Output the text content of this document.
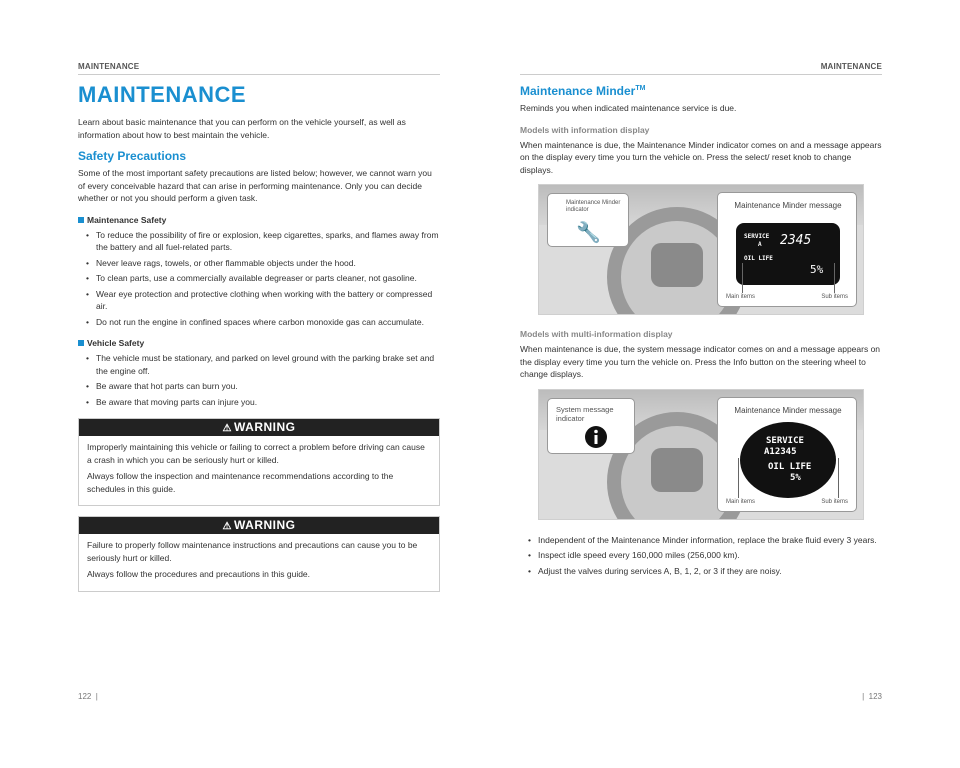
MAINTENANCE
MAINTENANCE

Learn about basic maintenance that you can perform on the vehicle yourself, as well as information about how to best maintain the vehicle.

Safety Precautions

Some of the most important safety precautions are listed below; however, we cannot warn you of every conceivable hazard that can arise in performing maintenance. Only you can decide whether or not you should perform a given task.

Maintenance Safety
• To reduce the possibility of fire or explosion, keep cigarettes, sparks, and flames away from the battery and all fuel-related parts.
• Never leave rags, towels, or other flammable objects under the hood.
• To clean parts, use a commercially available degreaser or parts cleaner, not gasoline.
• Wear eye protection and protective clothing when working with the battery or compressed air.
• Do not run the engine in confined spaces where carbon monoxide gas can accumulate.
Vehicle Safety
• The vehicle must be stationary, and parked on level ground with the parking brake set and the engine off.
• Be aware that hot parts can burn you.
• Be aware that moving parts can injure you.
⚠ WARNING

Improperly maintaining this vehicle or failing to correct a problem before driving can cause a crash in which you can be seriously hurt or killed.

Always follow the inspection and maintenance recommendations according to the schedules in this guide.

⚠ WARNING

Failure to properly follow maintenance instructions and precautions can cause you to be seriously hurt or killed.

Always follow the procedures and precautions in this guide.

122  |
MAINTENANCE
Maintenance Minder™

Reminds you when indicated maintenance service is due.

Models with information display

When maintenance is due, the Maintenance Minder indicator comes on and a message appears on the display every time you turn the vehicle on. Press the select/ reset knob to change displays.

Maintenance Minder indicator
🔧
Maintenance Minder message
SERVICE
A 2345
OIL LIFE
5%
Main items	Sub items
Models with multi-information display

When maintenance is due, the system message indicator comes on and a message appears on the display every time you turn the vehicle on. Press the Info button on the steering wheel to change displays.

System message indicator
Maintenance Minder message
SERVICE
A12345
OIL LIFE
5%
Main items	Sub items
• Independent of the Maintenance Minder information, replace the brake fluid every 3 years.
• Inspect idle speed every 160,000 miles (256,000 km).
• Adjust the valves during services A, B, 1, 2, or 3 if they are noisy.
|  123
